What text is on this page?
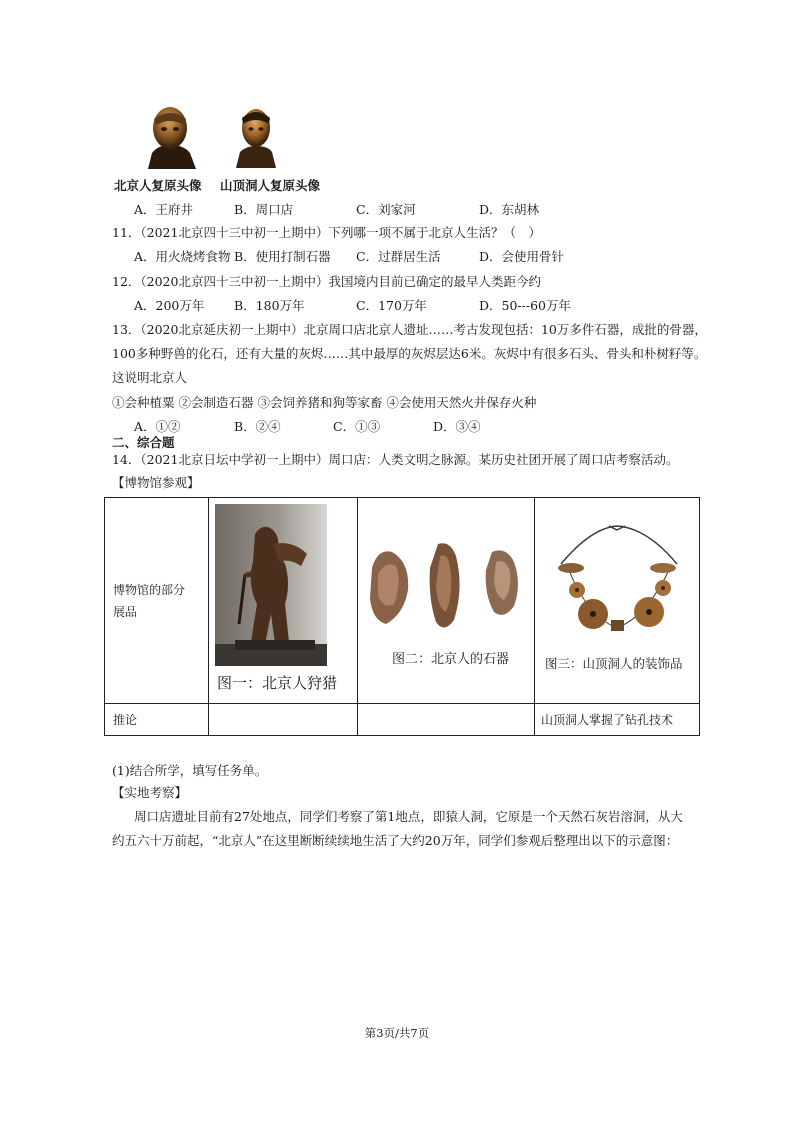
北京人复原头像 山顶洞人复原头像
A．王府井	B．周口店	C．刘家河	D．东胡林
11．（2021北京四十三中初一上期中）下列哪一项不属于北京人生活？（　）
A．用火烧烤食物 B．使用打制石器 C．过群居生活	D．会使用骨针
12．（2020北京四十三中初一上期中）我国境内目前已确定的最早人类距今约
A．200万年 B．180万年	C．170万年	D．50---60万年
13．（2020北京延庆初一上期中）北京周口店北京人遗址……考古发现包括：10万多件石器，成批的骨器，
100多种野兽的化石，还有大量的灰烬……其中最厚的灰烬层达6米。灰烬中有很多石头、骨头和朴树籽等。
这说明北京人
①会种植粟 ②会制造石器 ③会饲养猪和狗等家畜 ④会使用天然火并保存火种
A．①②	B．②④	C．①③	D．③④
二、综合题
14．（2021北京日坛中学初一上期中）周口店：人类文明之脉源。某历史社团开展了周口店考察活动。
【博物馆参观】
博物馆的部分
展品	图一：北京人狩猎	图二：北京人的石器	图三：山顶洞人的装饰品

推论			山顶洞人掌握了钻孔技术
(1)结合所学，填写任务单。
【实地考察】
周口店遗址目前有27处地点，同学们考察了第1地点，即猿人洞，它原是一个天然石灰岩溶洞，从大
约五六十万前起，“北京人”在这里断断续续地生活了大约20万年，同学们参观后整理出以下的示意图：
第3页/共7页
